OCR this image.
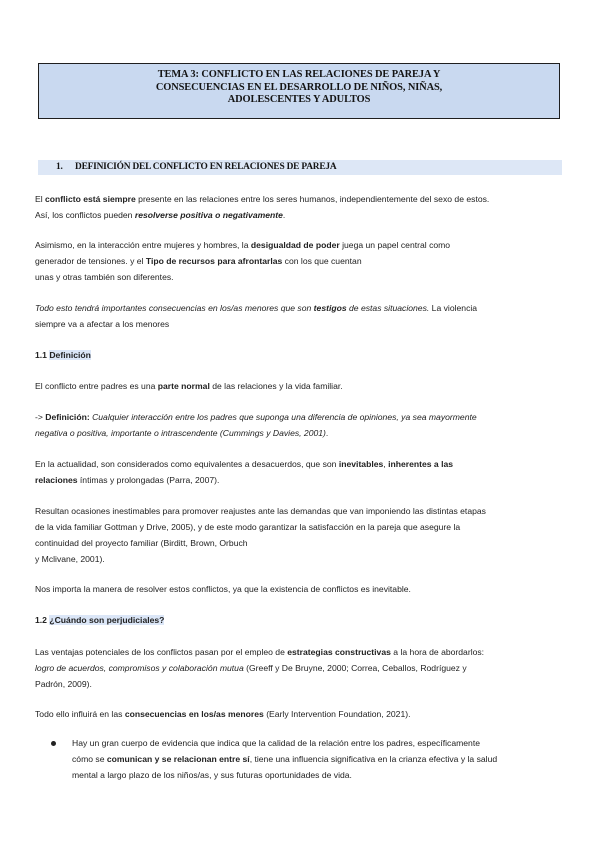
TEMA 3: CONFLICTO EN LAS RELACIONES DE PAREJA Y
CONSECUENCIAS EN EL DESARROLLO DE NIÑOS, NIÑAS,
ADOLESCENTES Y ADULTOS
1. DEFINICIÓN DEL CONFLICTO EN RELACIONES DE PAREJA
El conflicto está siempre presente en las relaciones entre los seres humanos, independientemente del sexo de estos.
Así, los conflictos pueden resolverse positiva o negativamente.
Asimismo, en la interacción entre mujeres y hombres, la desigualdad de poder juega un papel central como
generador de tensiones. y el Tipo de recursos para afrontarlas con los que cuentan
unas y otras también son diferentes.
Todo esto tendrá importantes consecuencias en los/as menores que son testigos de estas situaciones. La violencia
siempre va a afectar a los menores
1.1 Definición
El conflicto entre padres es una parte normal de las relaciones y la vida familiar.
-> Definición: Cualquier interacción entre los padres que suponga una diferencia de opiniones, ya sea mayormente
negativa o positiva, importante o intrascendente (Cummings y Davies, 2001).
En la actualidad, son considerados como equivalentes a desacuerdos, que son inevitables, inherentes a las
relaciones íntimas y prolongadas (Parra, 2007).
Resultan ocasiones inestimables para promover reajustes ante las demandas que van imponiendo las distintas etapas
de la vida familiar Gottman y Drive, 2005), y de este modo garantizar la satisfacción en la pareja que asegure la
continuidad del proyecto familiar (Birditt, Brown, Orbuch
y Mclivane, 2001).
Nos importa la manera de resolver estos conflictos, ya que la existencia de conflictos es inevitable.
1.2 ¿Cuándo son perjudiciales?
Las ventajas potenciales de los conflictos pasan por el empleo de estrategias constructivas a la hora de abordarlos:
logro de acuerdos, compromisos y colaboración mutua (Greeff y De Bruyne, 2000; Correa, Ceballos, Rodríguez y
Padrón, 2009).
Todo ello influirá en las consecuencias en los/as menores (Early Intervention Foundation, 2021).
Hay un gran cuerpo de evidencia que indica que la calidad de la relación entre los padres, específicamente
cómo se comunican y se relacionan entre sí, tiene una influencia significativa en la crianza efectiva y la salud
mental a largo plazo de los niños/as, y sus futuras oportunidades de vida.
